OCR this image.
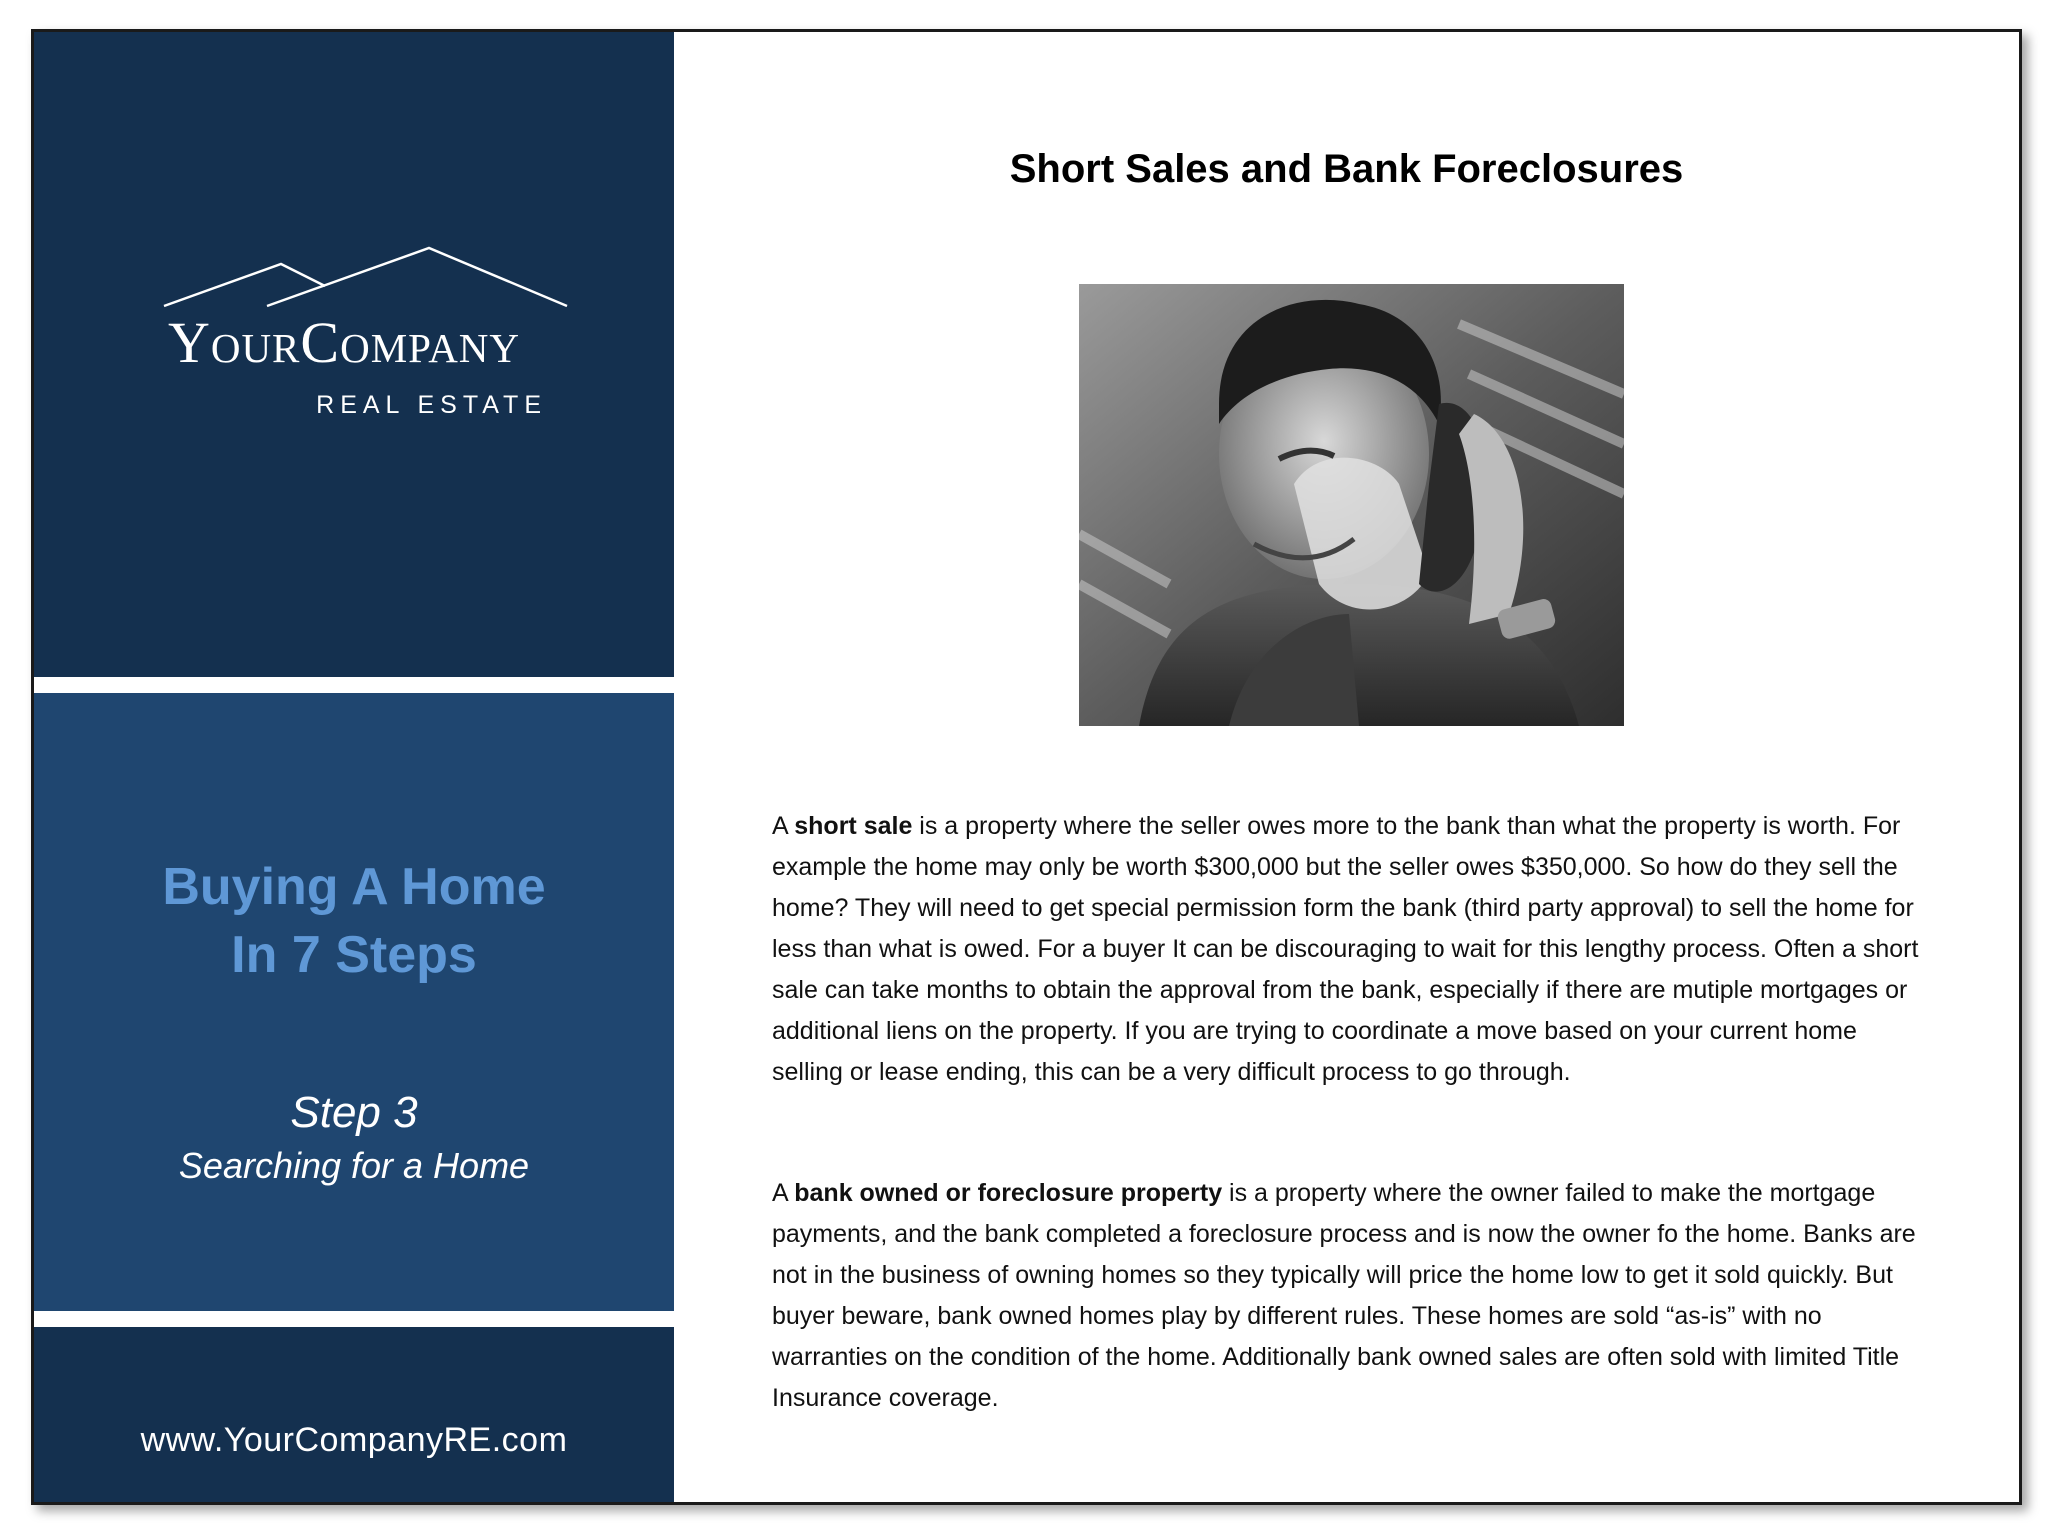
YourCompany
REAL ESTATE
Buying A Home
In 7 Steps
Step 3
Searching for a Home
www.YourCompanyRE.com
Short Sales and Bank Foreclosures

A short sale is a property where the seller owes more to the bank than what the property is worth. For example the home may only be worth $300,000 but the seller owes $350,000. So how do they sell the home? They will need to get special permission form the bank (third party approval) to sell the home for less than what is owed. For a buyer It can be discouraging to wait for this lengthy process. Often a short sale can take months to obtain the approval from the bank, especially if there are mutiple mortgages or additional liens on the property. If you are trying to coordinate a move based on your current home selling or lease ending, this can be a very difficult process to go through.

A bank owned or foreclosure property is a property where the owner failed to make the mortgage payments, and the bank completed a foreclosure process and is now the owner fo the home. Banks are not in the business of owning homes so they typically will price the home low to get it sold quickly. But buyer beware, bank owned homes play by different rules. These homes are sold “as-is” with no warranties on the condition of the home. Additionally bank owned sales are often sold with limited Title Insurance coverage.
